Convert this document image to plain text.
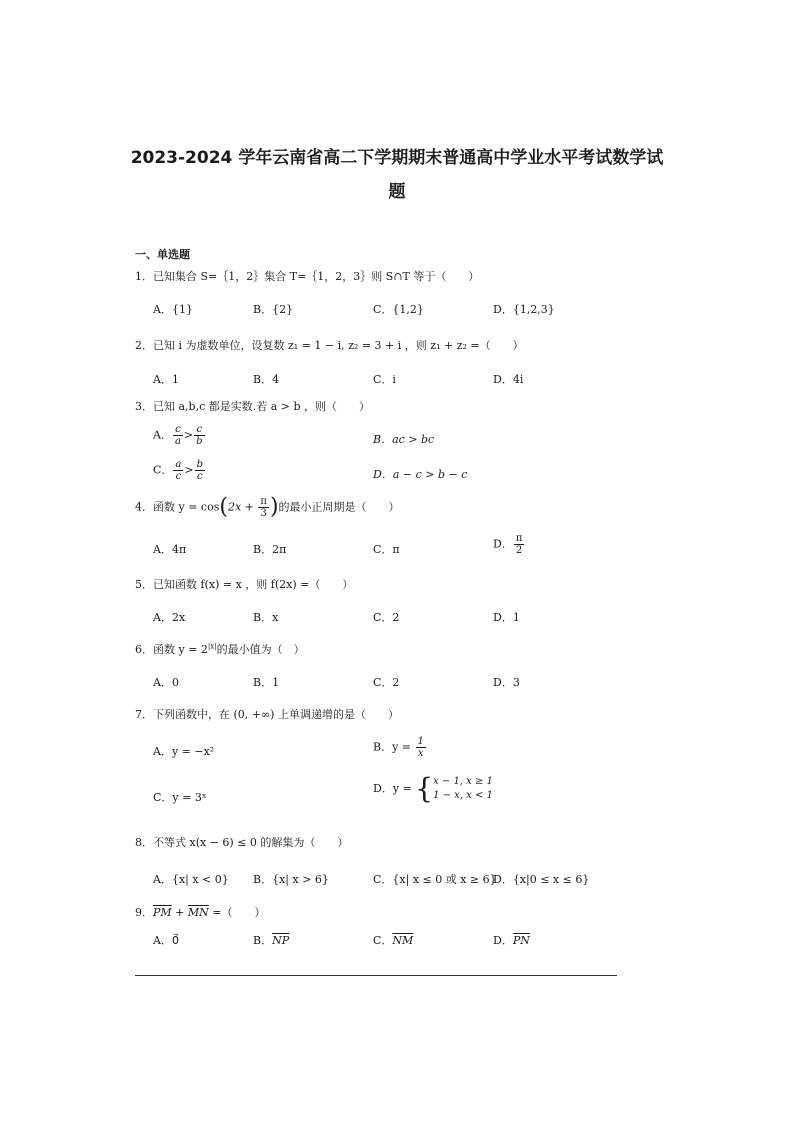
2023-2024 学年云南省高二下学期期末普通高中学业水平考试数学试
题
一、单选题
1．已知集合 S=｛1，2｝集合 T=｛1，2，3｝则 S∩T 等于（　　）
A．{1}	B．{2}	C．{1,2}	D．{1,2,3}
2．已知 i 为虚数单位，设复数 z₁ = 1 − i, z₂ = 3 + i ，则 z₁ + z₂ =（　　）
A．1	B．4	C．i	D．4i
3．已知 a,b,c 都是实数.若 a > b ，则（　　）
A． $\frac{c}{a} > \frac{c}{b}$	B．ac > bc
C． $\frac{a}{c} > \frac{b}{c}$	D．a − c > b − c
4．函数 $y = \cos(2x + \frac{\pi}{3}$ )的最小正周期是（　　）
A．4π	B．2π	C．π	D． $\frac{\pi}{2}$
5．已知函数 f(x) = x ，则 f(2x) =（　　）
A．2x	B．x	C．2	D．1
6．函数 $y = 2^{|x|}$的最小值为（　）
A．0	B．1	C．2	D．3
7．下列函数中，在 (0, +∞) 上单调递增的是（　　）
A．y = −x²	B．$y = \frac{1}{x}$
C．y = 3ˣ
D．y = { x − 1, x ≥ 1
1 − x, x < 1
8．不等式 x(x − 6) ≤ 0 的解集为（　　）
A．{x| x < 0} B．{x| x > 6}	C．{x| x ≤ 0 或 x ≥ 6}
D．{x|0 ≤ x ≤ 6}
9．$\overline{PM} + \overline{MN}$ =（　　）
A．0⃗	B．$\overline{NP}$	C．$\overline{NM}$	D．$\overline{PN}$
